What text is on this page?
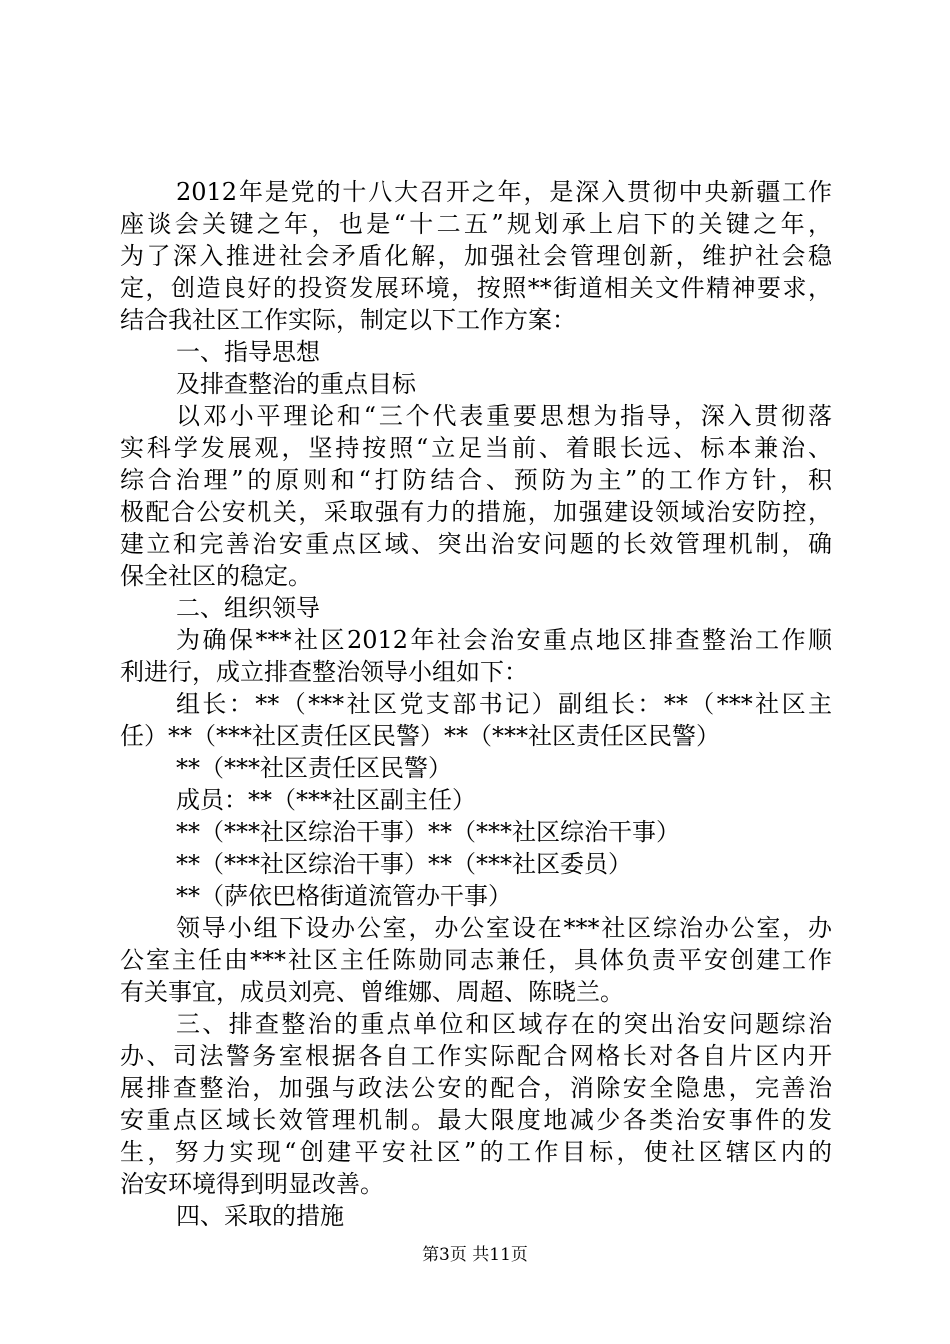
2012年是党的十八大召开之年，是深入贯彻中央新疆工作
座谈会关键之年，也是“十二五”规划承上启下的关键之年，
为了深入推进社会矛盾化解，加强社会管理创新，维护社会稳
定，创造良好的投资发展环境，按照**街道相关文件精神要求，
结合我社区工作实际，制定以下工作方案：
一、指导思想
及排查整治的重点目标
以邓小平理论和“三个代表重要思想为指导，深入贯彻落
实科学发展观，坚持按照“立足当前、着眼长远、标本兼治、
综合治理”的原则和“打防结合、预防为主”的工作方针，积
极配合公安机关，采取强有力的措施，加强建设领域治安防控，
建立和完善治安重点区域、突出治安问题的长效管理机制，确
保全社区的稳定。
二、组织领导
为确保***社区2012年社会治安重点地区排查整治工作顺
利进行，成立排查整治领导小组如下：
组长：**（***社区党支部书记）副组长：**（***社区主
任）**（***社区责任区民警）**（***社区责任区民警）
**（***社区责任区民警）
成员：**（***社区副主任）
**（***社区综治干事）**（***社区综治干事）
**（***社区综治干事）**（***社区委员）
**（萨依巴格街道流管办干事）
领导小组下设办公室，办公室设在***社区综治办公室，办
公室主任由***社区主任陈勋同志兼任，具体负责平安创建工作
有关事宜，成员刘亮、曾维娜、周超、陈晓兰。
三、排查整治的重点单位和区域存在的突出治安问题综治
办、司法警务室根据各自工作实际配合网格长对各自片区内开
展排查整治，加强与政法公安的配合，消除安全隐患，完善治
安重点区域长效管理机制。最大限度地减少各类治安事件的发
生，努力实现“创建平安社区”的工作目标，使社区辖区内的
治安环境得到明显改善。
四、采取的措施
第3页 共11页
